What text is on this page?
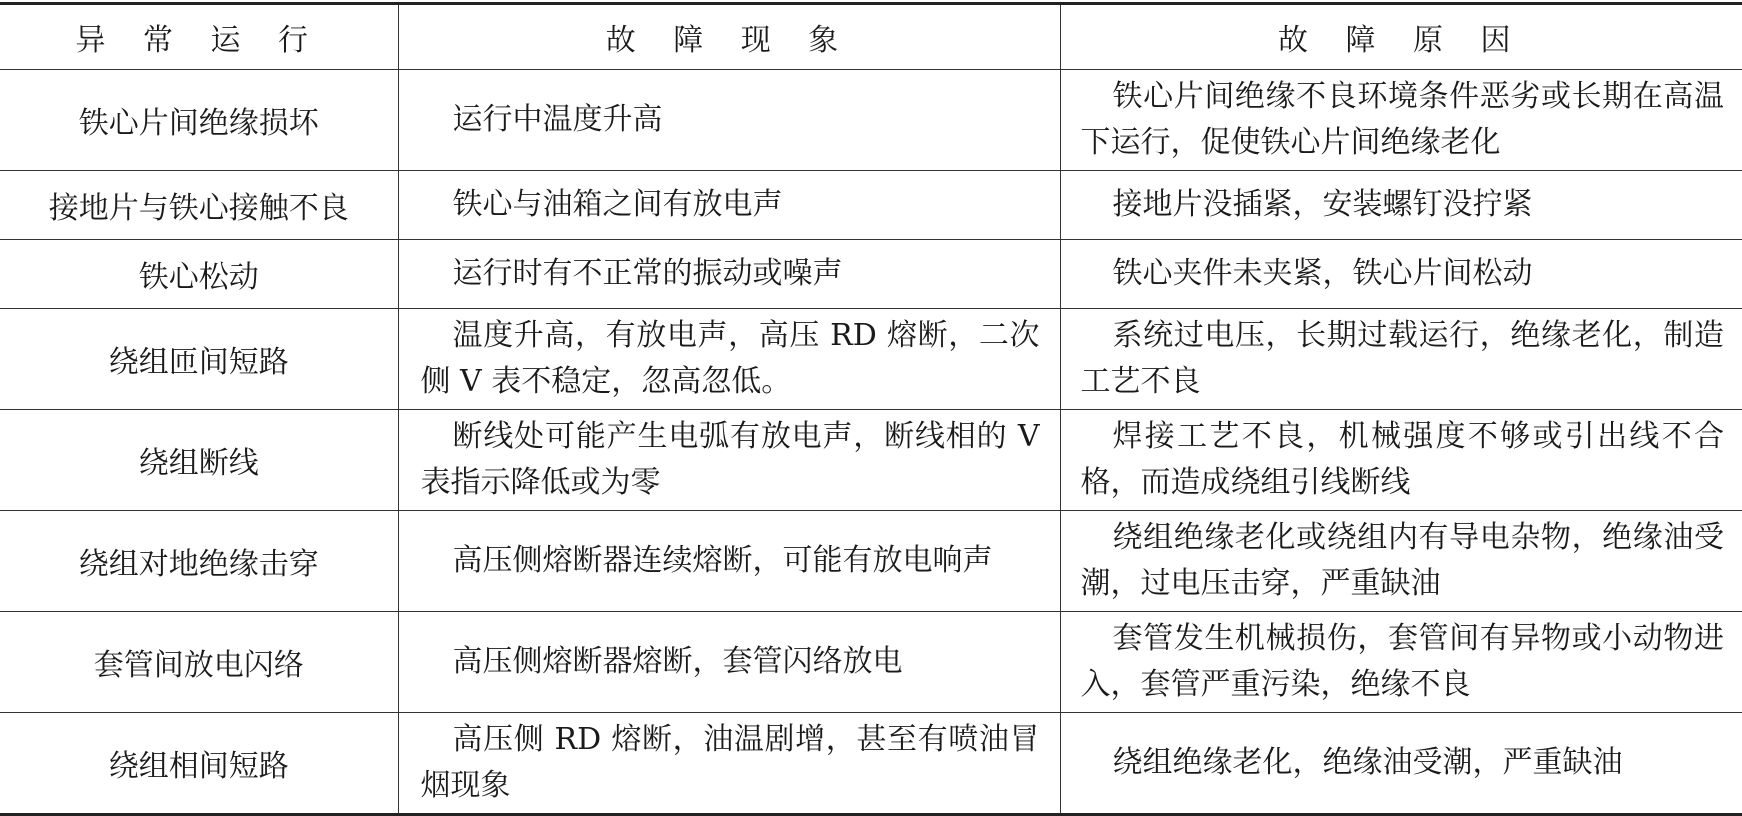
异 常 运 行	故 障 现 象	故 障 原 因
铁心片间绝缘损坏	运行中温度升高	铁心片间绝缘不良环境条件恶劣或长期在高温下运行，促使铁心片间绝缘老化
接地片与铁心接触不良	铁心与油箱之间有放电声	接地片没插紧，安装螺钉没拧紧
铁心松动	运行时有不正常的振动或噪声	铁心夹件未夹紧，铁心片间松动
绕组匝间短路	温度升高，有放电声，高压 RD 熔断，二次侧 V 表不稳定，忽高忽低。	系统过电压，长期过载运行，绝缘老化，制造工艺不良
绕组断线	断线处可能产生电弧有放电声，断线相的 V 表指示降低或为零	焊接工艺不良，机械强度不够或引出线不合格，而造成绕组引线断线
绕组对地绝缘击穿	高压侧熔断器连续熔断，可能有放电响声	绕组绝缘老化或绕组内有导电杂物，绝缘油受潮，过电压击穿，严重缺油
套管间放电闪络	高压侧熔断器熔断，套管闪络放电	套管发生机械损伤，套管间有异物或小动物进入，套管严重污染，绝缘不良
绕组相间短路	高压侧 RD 熔断，油温剧增，甚至有喷油冒烟现象	绕组绝缘老化，绝缘油受潮，严重缺油
